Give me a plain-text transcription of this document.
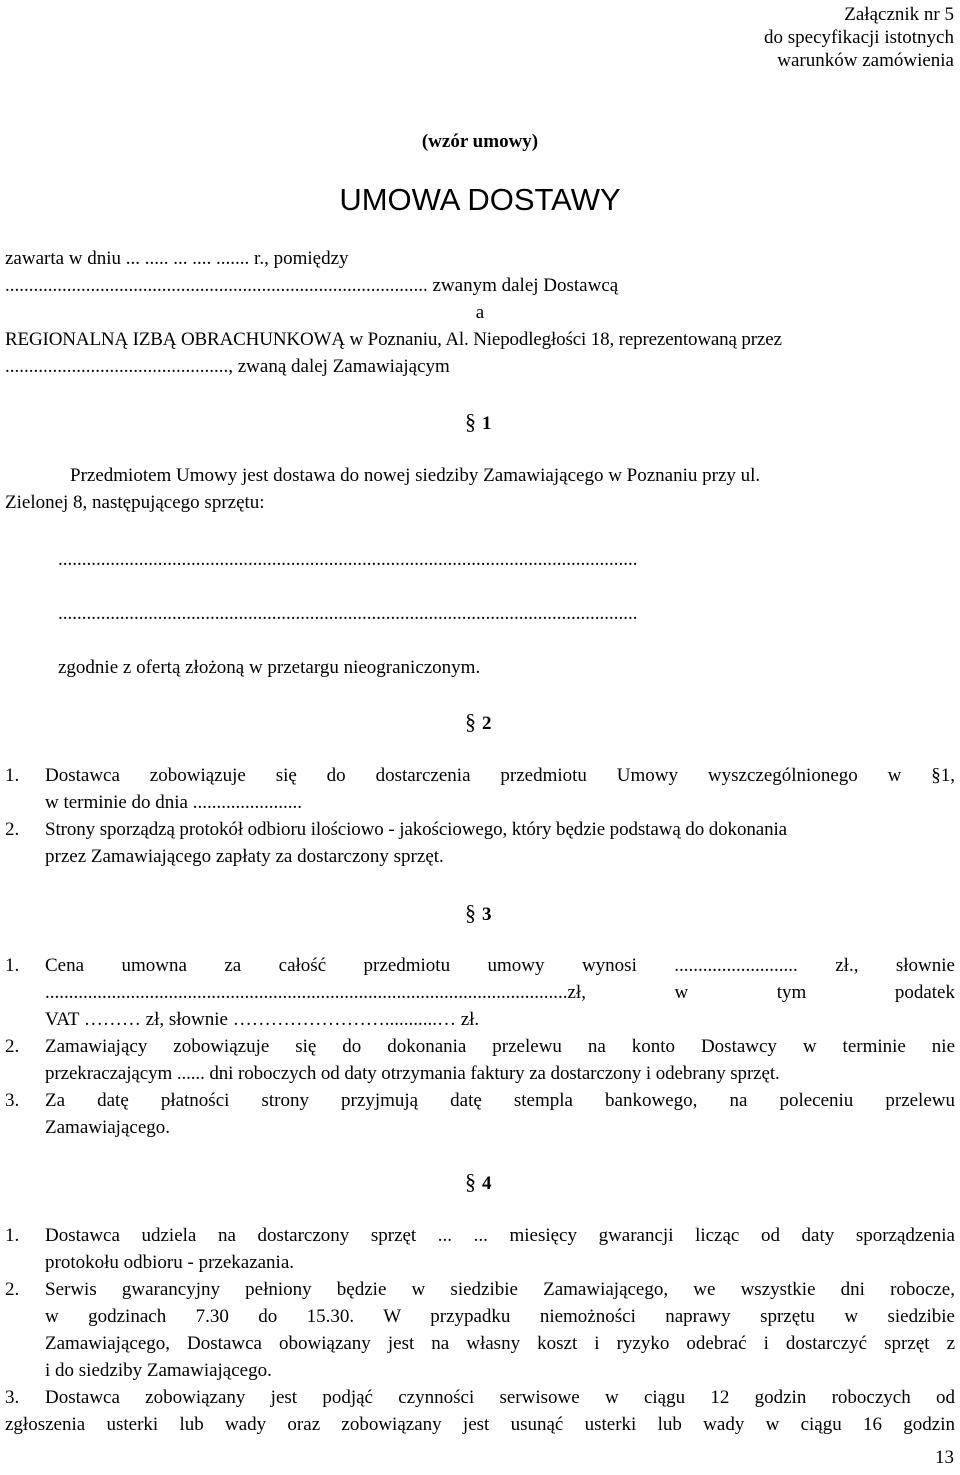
Załącznik nr 5
do specyfikacji istotnych
warunków zamówienia
(wzór umowy)
UMOWA DOSTAWY
zawarta w dniu ... ..... ... .... ....... r., pomiędzy
......................................................................................... zwanym dalej Dostawcą
a
REGIONALNĄ IZBĄ OBRACHUNKOWĄ w Poznaniu, Al. Niepodległości 18, reprezentowaną przez
..............................................., zwaną dalej Zamawiającym
§ 1
Przedmiotem Umowy jest dostawa do nowej siedziby Zamawiającego w Poznaniu przy ul.
Zielonej 8, następującego sprzętu:
..........................................................................................................................
..........................................................................................................................
zgodnie z ofertą złożoną w przetargu nieograniczonym.
§ 2
1. Dostawca zobowiązuje się do dostarczenia przedmiotu Umowy wyszczególnionego w §1,
w terminie do dnia .......................
2. Strony sporządzą protokół odbioru ilościowo - jakościowego, który będzie podstawą do dokonania
przez Zamawiającego zapłaty za dostarczony sprzęt.
§ 3
1. Cena umowna za całość przedmiotu umowy wynosi .......................... zł., słownie
..............................................................................................................zł, w tym podatek
VAT ……… zł, słownie ……………………...........… zł.
2. Zamawiający zobowiązuje się do dokonania przelewu na konto Dostawcy w terminie nie
przekraczającym ...... dni roboczych od daty otrzymania faktury za dostarczony i odebrany sprzęt.
3. Za datę płatności strony przyjmują datę stempla bankowego, na poleceniu przelewu
Zamawiającego.
§ 4
1. Dostawca udziela na dostarczony sprzęt ... ... miesięcy gwarancji licząc od daty sporządzenia
protokołu odbioru - przekazania.
2. Serwis gwarancyjny pełniony będzie w siedzibie Zamawiającego, we wszystkie dni robocze,
w godzinach 7.30 do 15.30. W przypadku niemożności naprawy sprzętu w siedzibie
Zamawiającego, Dostawca obowiązany jest na własny koszt i ryzyko odebrać i dostarczyć sprzęt z
i do siedziby Zamawiającego.
3. Dostawca zobowiązany jest podjąć czynności serwisowe w ciągu 12 godzin roboczych od
zgłoszenia usterki lub wady oraz zobowiązany jest usunąć usterki lub wady w ciągu 16 godzin
13
